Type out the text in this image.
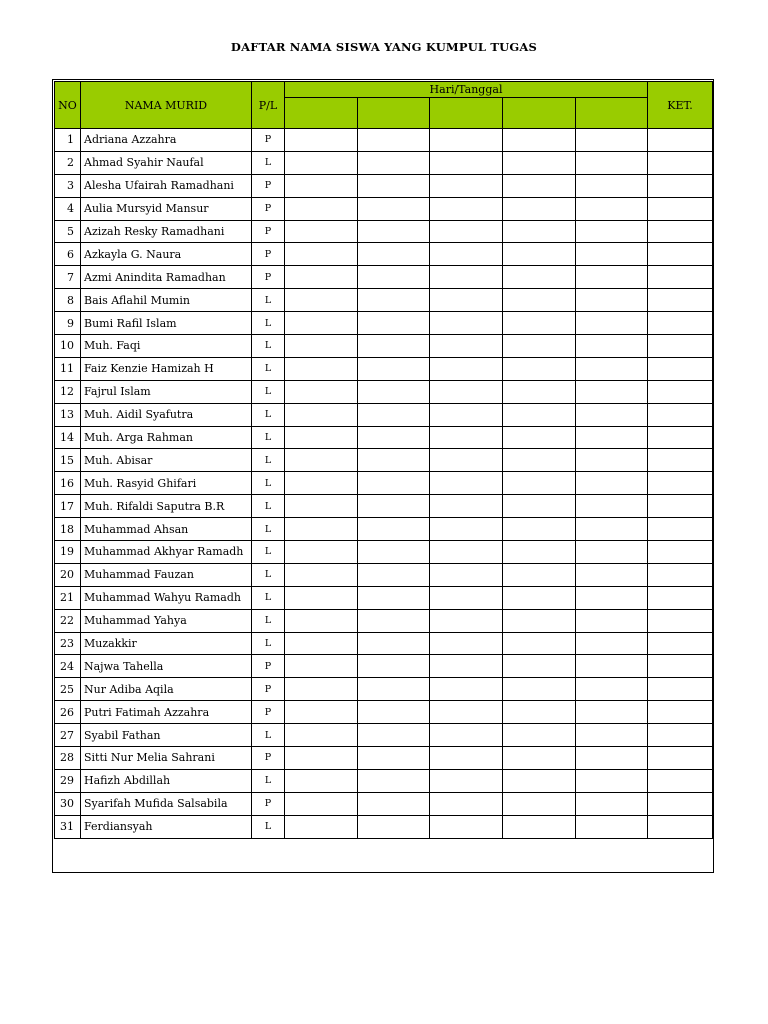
DAFTAR NAMA SISWA YANG KUMPUL TUGAS
NO	NAMA MURID	P/L	Hari/Tanggal					KET.

1	Adriana Azzahra	P						
2	Ahmad Syahir Naufal	L						
3	Alesha Ufairah Ramadhani	P						
4	Aulia Mursyid Mansur	P						
5	Azizah Resky Ramadhani	P						
6	Azkayla G. Naura	P						
7	Azmi Anindita Ramadhan	P						
8	Bais Aflahil Mumin	L						
9	Bumi Rafil Islam	L						
10	Muh. Faqi	L						
11	Faiz Kenzie Hamizah H	L						
12	Fajrul Islam	L						
13	Muh. Aidil Syafutra	L						
14	Muh. Arga Rahman	L						
15	Muh. Abisar	L						
16	Muh. Rasyid Ghifari	L						
17	Muh. Rifaldi Saputra B.R	L						
18	Muhammad Ahsan	L						
19	Muhammad Akhyar Ramadh	L						
20	Muhammad Fauzan	L						
21	Muhammad Wahyu Ramadh	L						
22	Muhammad Yahya	L						
23	Muzakkir	L						
24	Najwa Tahella	P						
25	Nur Adiba Aqila	P						
26	Putri Fatimah Azzahra	P						
27	Syabil Fathan	L						
28	Sitti Nur Melia Sahrani	P						
29	Hafizh Abdillah	L						
30	Syarifah Mufida Salsabila	P						
31	Ferdiansyah	L						
